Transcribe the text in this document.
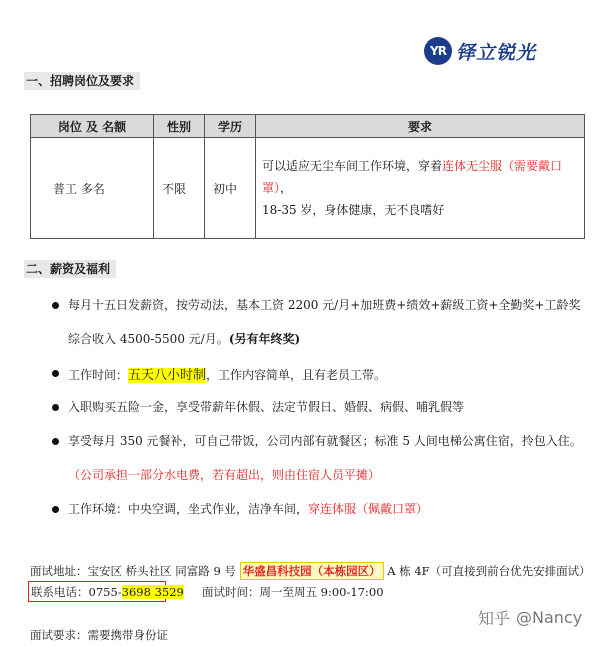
YR 铎立锐光
一、招聘岗位及要求
岗位 及 名额	性别	学历	要求
普工 多名	不限	初中	可以适应无尘车间工作环境，穿着连体无尘服（需要戴口罩），
18-35 岁，身体健康，无不良嗜好
二、薪资及福利
每月十五日发薪资，按劳动法，基本工资 2200 元/月+加班费+绩效+薪级工资+全勤奖+工龄奖
综合收入 4500-5500 元/月。(另有年终奖)
工作时间：五天八小时制，工作内容简单，且有老员工带。
入职购买五险一金，享受带薪年休假、法定节假日、婚假、病假、哺乳假等
享受每月 350 元餐补，可自己带饭，公司内部有就餐区；标准 5 人间电梯公寓住宿，拎包入住。
（公司承担一部分水电费，若有超出，则由住宿人员平摊）
工作环境：中央空调，坐式作业，洁净车间，穿连体服（佩戴口罩）
面试地址：宝安区 桥头社区 同富路 9 号 华盛昌科技园（本栋园区） A 栋 4F（可直接到前台优先安排面试）
联系电话：0755-3698 3529 面试时间：周一至周五 9:00-17:00
面试要求：需要携带身份证
知乎 @Nancy
